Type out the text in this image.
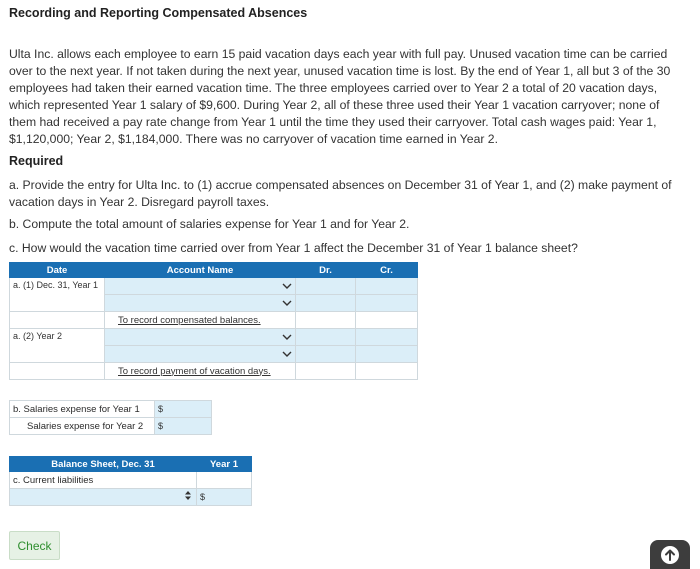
Recording and Reporting Compensated Absences
Ulta Inc. allows each employee to earn 15 paid vacation days each year with full pay. Unused vacation time can be carried
over to the next year. If not taken during the next year, unused vacation time is lost. By the end of Year 1, all but 3 of the 30
employees had taken their earned vacation time. The three employees carried over to Year 2 a total of 20 vacation days,
which represented Year 1 salary of $9,600. During Year 2, all of these three used their Year 1 vacation carryover; none of
them had received a pay rate change from Year 1 until the time they used their carryover. Total cash wages paid: Year 1,
$1,120,000; Year 2, $1,184,000. There was no carryover of vacation time earned in Year 2.
Required
a. Provide the entry for Ulta Inc. to (1) accrue compensated absences on December 31 of Year 1, and (2) make payment of
vacation days in Year 2. Disregard payroll taxes.
b. Compute the total amount of salaries expense for Year 1 and for Year 2.
c. How would the vacation time carried over from Year 1 affect the December 31 of Year 1 balance sheet?
Date	Account Name	Dr.	Cr.
a. (1) Dec. 31, Year 1	

	To record compensated balances.		
a. (2) Year 2	

	To record payment of vacation days.		
b. Salaries expense for Year 1	$
Salaries expense for Year 2	$
Balance Sheet, Dec. 31	Year 1
c. Current liabilities	
	$
Check
